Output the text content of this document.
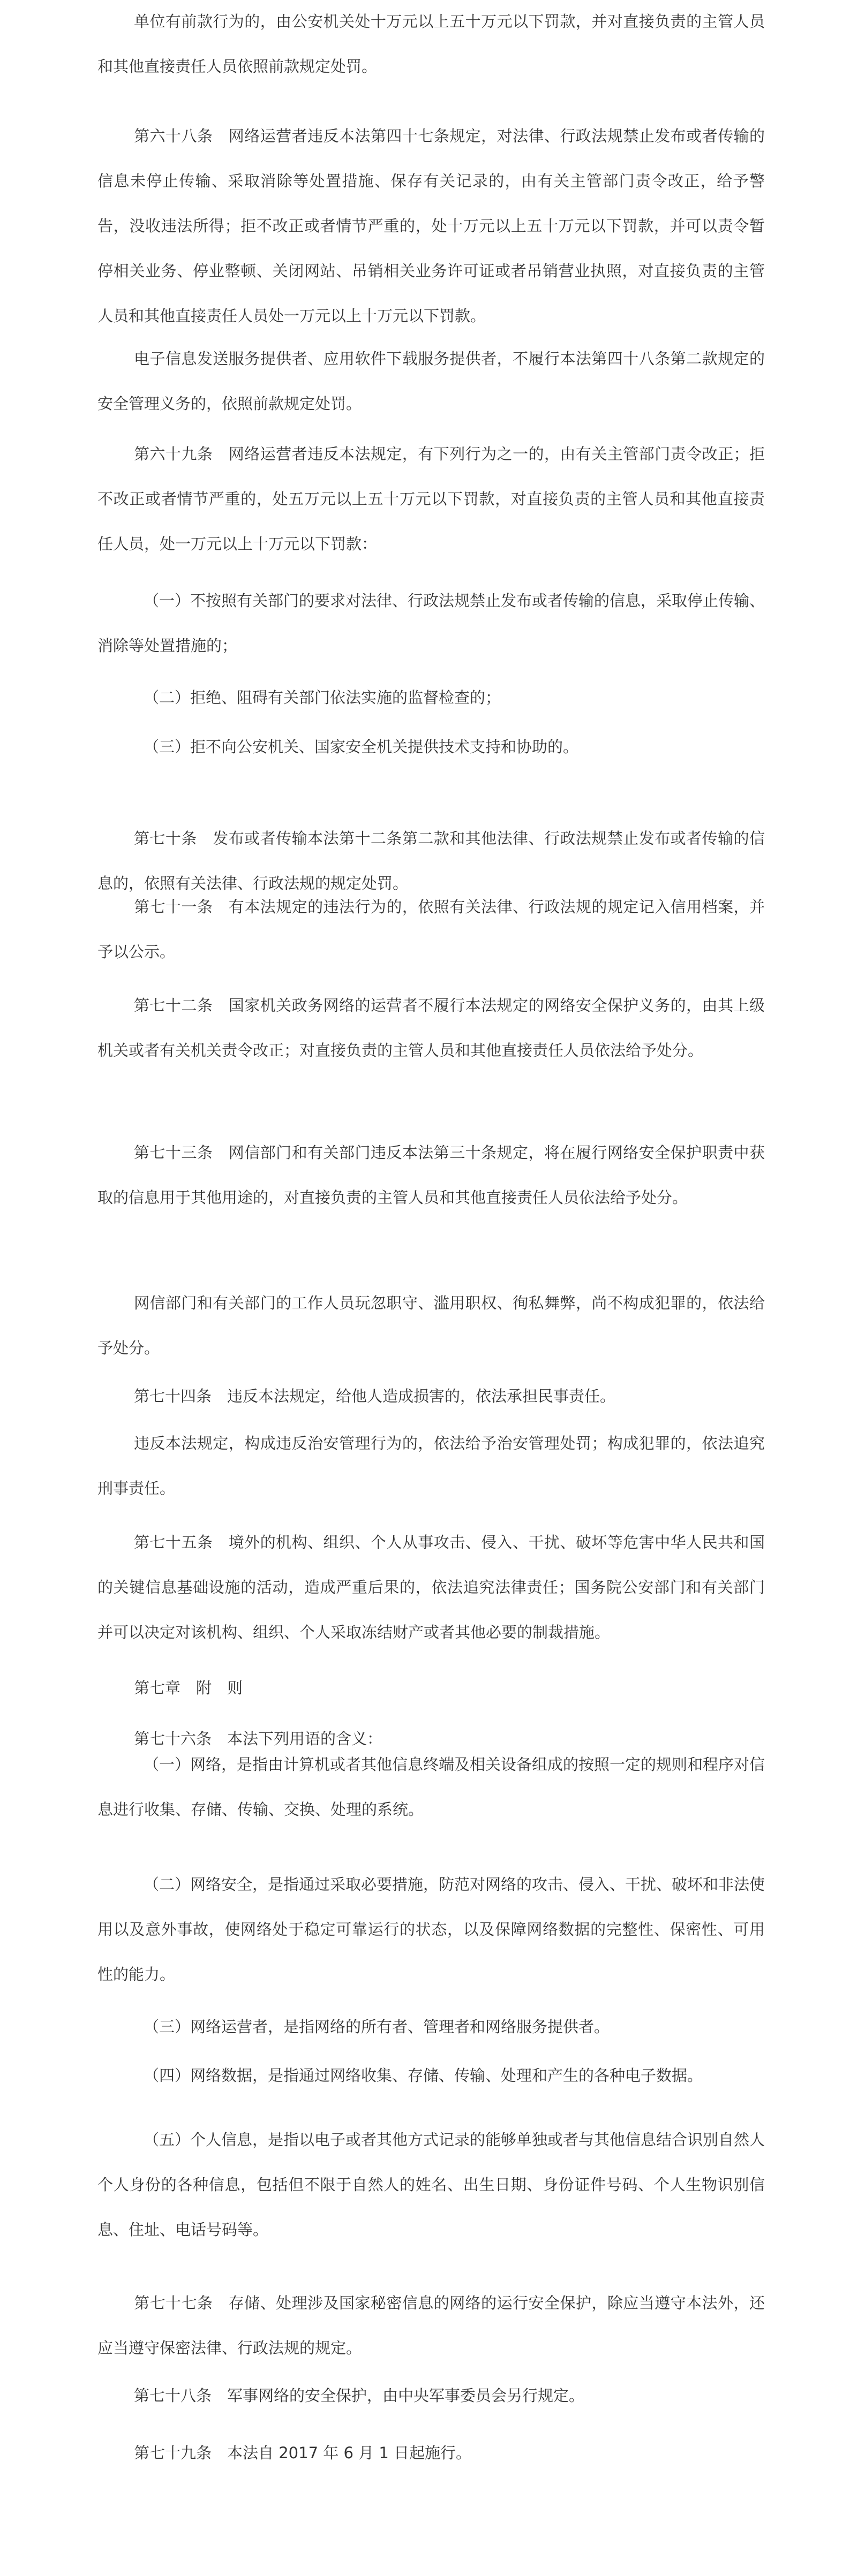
单位有前款行为的，由公安机关处十万元以上五十万元以下罚款，并对直接负责的主管人员和其他直接责任人员依照前款规定处罚。

第六十八条　网络运营者违反本法第四十七条规定，对法律、行政法规禁止发布或者传输的信息未停止传输、采取消除等处置措施、保存有关记录的，由有关主管部门责令改正，给予警告，没收违法所得；拒不改正或者情节严重的，处十万元以上五十万元以下罚款，并可以责令暂停相关业务、停业整顿、关闭网站、吊销相关业务许可证或者吊销营业执照，对直接负责的主管人员和其他直接责任人员处一万元以上十万元以下罚款。

电子信息发送服务提供者、应用软件下载服务提供者，不履行本法第四十八条第二款规定的安全管理义务的，依照前款规定处罚。

第六十九条　网络运营者违反本法规定，有下列行为之一的，由有关主管部门责令改正；拒不改正或者情节严重的，处五万元以上五十万元以下罚款，对直接负责的主管人员和其他直接责任人员，处一万元以上十万元以下罚款：

（一）不按照有关部门的要求对法律、行政法规禁止发布或者传输的信息，采取停止传输、消除等处置措施的；

（二）拒绝、阻碍有关部门依法实施的监督检查的；

（三）拒不向公安机关、国家安全机关提供技术支持和协助的。

第七十条　发布或者传输本法第十二条第二款和其他法律、行政法规禁止发布或者传输的信息的，依照有关法律、行政法规的规定处罚。

第七十一条　有本法规定的违法行为的，依照有关法律、行政法规的规定记入信用档案，并予以公示。

第七十二条　国家机关政务网络的运营者不履行本法规定的网络安全保护义务的，由其上级机关或者有关机关责令改正；对直接负责的主管人员和其他直接责任人员依法给予处分。

第七十三条　网信部门和有关部门违反本法第三十条规定，将在履行网络安全保护职责中获取的信息用于其他用途的，对直接负责的主管人员和其他直接责任人员依法给予处分。

网信部门和有关部门的工作人员玩忽职守、滥用职权、徇私舞弊，尚不构成犯罪的，依法给予处分。

第七十四条　违反本法规定，给他人造成损害的，依法承担民事责任。

违反本法规定，构成违反治安管理行为的，依法给予治安管理处罚；构成犯罪的，依法追究刑事责任。

第七十五条　境外的机构、组织、个人从事攻击、侵入、干扰、破坏等危害中华人民共和国的关键信息基础设施的活动，造成严重后果的，依法追究法律责任；国务院公安部门和有关部门并可以决定对该机构、组织、个人采取冻结财产或者其他必要的制裁措施。

第七章　附　则

第七十六条　本法下列用语的含义：

（一）网络，是指由计算机或者其他信息终端及相关设备组成的按照一定的规则和程序对信息进行收集、存储、传输、交换、处理的系统。

（二）网络安全，是指通过采取必要措施，防范对网络的攻击、侵入、干扰、破坏和非法使用以及意外事故，使网络处于稳定可靠运行的状态，以及保障网络数据的完整性、保密性、可用性的能力。

（三）网络运营者，是指网络的所有者、管理者和网络服务提供者。

（四）网络数据，是指通过网络收集、存储、传输、处理和产生的各种电子数据。

（五）个人信息，是指以电子或者其他方式记录的能够单独或者与其他信息结合识别自然人个人身份的各种信息，包括但不限于自然人的姓名、出生日期、身份证件号码、个人生物识别信息、住址、电话号码等。

第七十七条　存储、处理涉及国家秘密信息的网络的运行安全保护，除应当遵守本法外，还应当遵守保密法律、行政法规的规定。

第七十八条　军事网络的安全保护，由中央军事委员会另行规定。

第七十九条　本法自 2017 年 6 月 1 日起施行。
